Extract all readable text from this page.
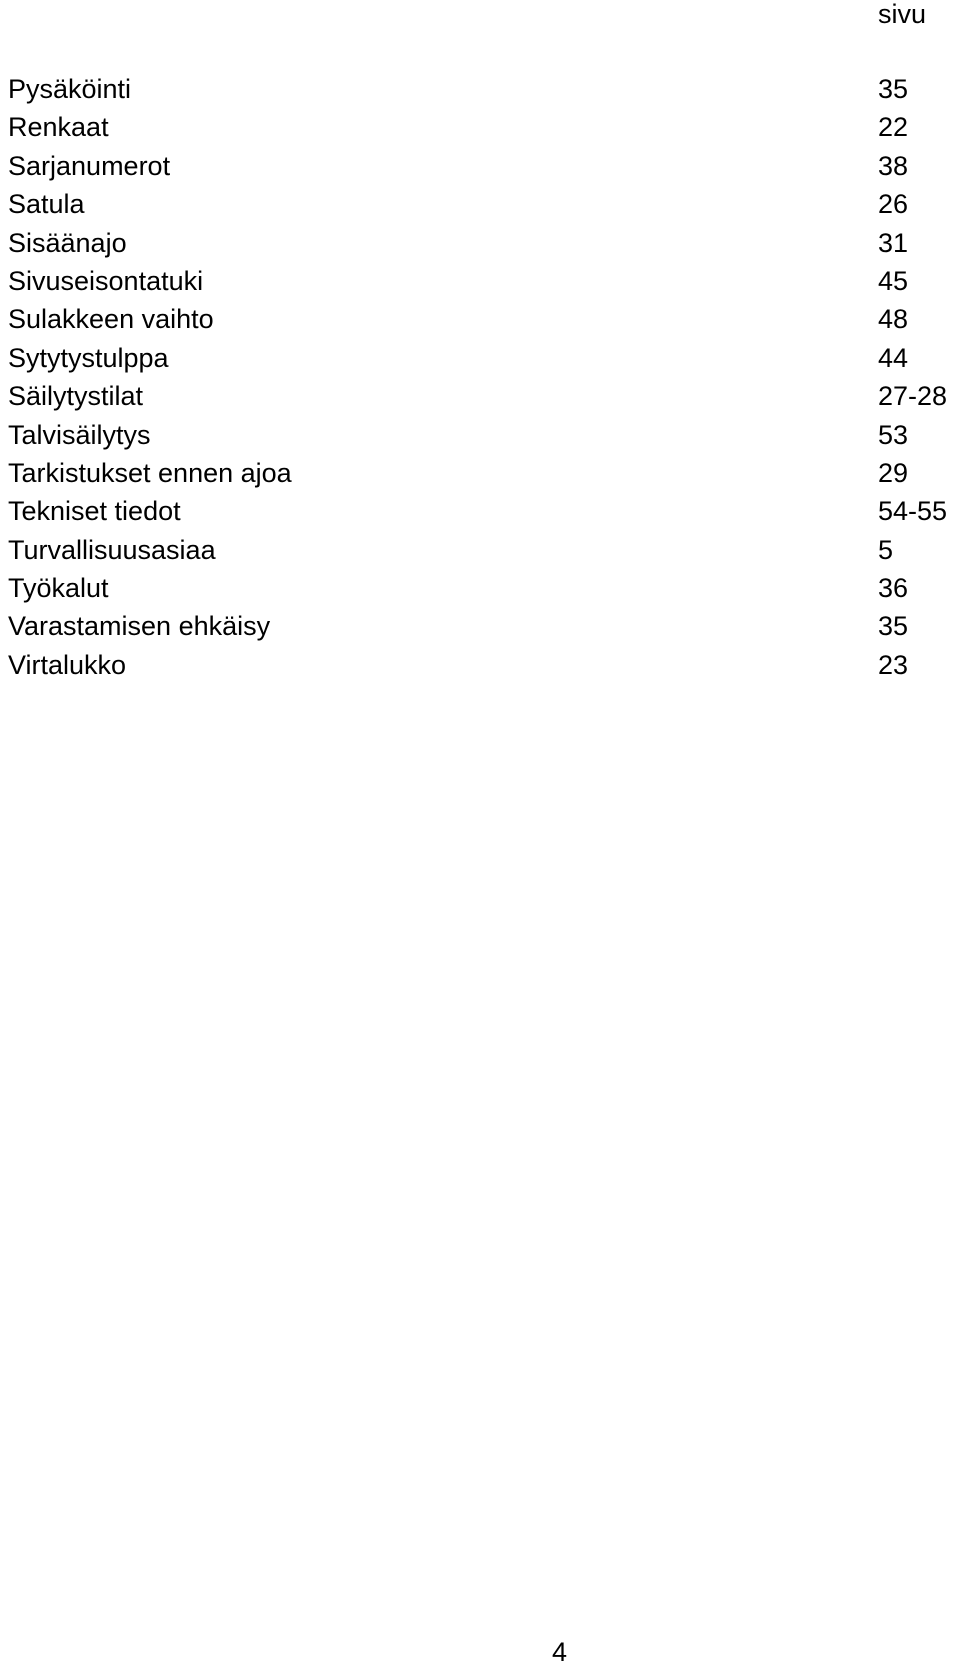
sivu
Pysäköinti	35
Renkaat	22
Sarjanumerot	38
Satula	26
Sisäänajo	31
Sivuseisontatuki	45
Sulakkeen vaihto	48
Sytytystulppa	44
Säilytystilat	27-28
Talvisäilytys	53
Tarkistukset ennen ajoa	29
Tekniset tiedot	54-55
Turvallisuusasiaa	5
Työkalut	36
Varastamisen ehkäisy	35
Virtalukko	23
4
